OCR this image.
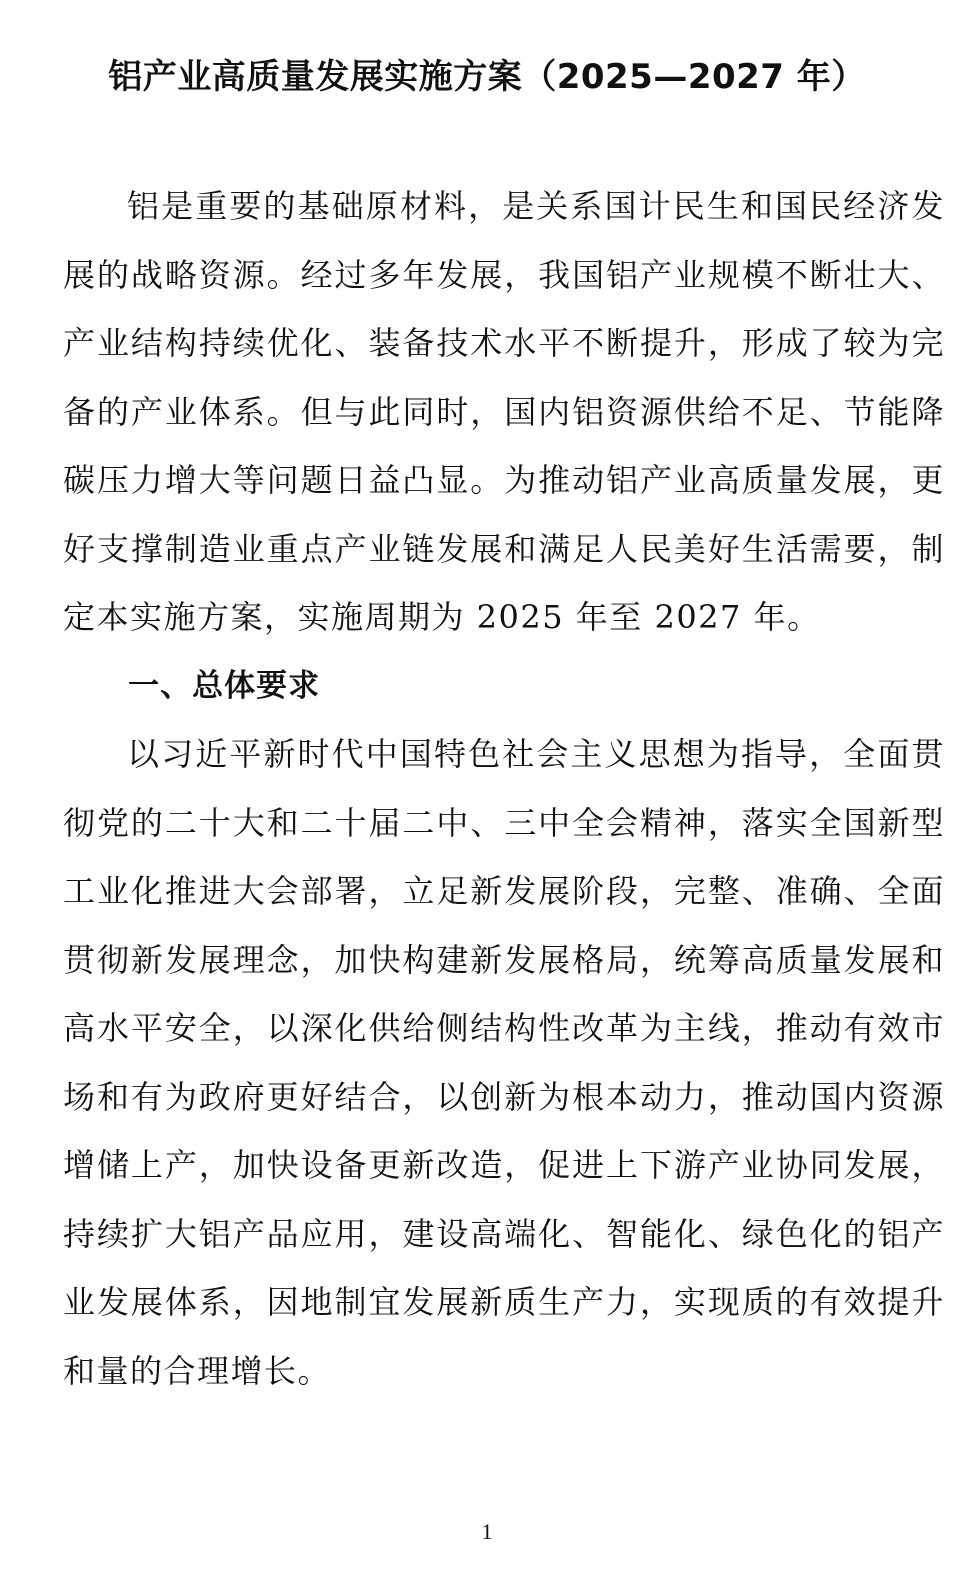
铝产业高质量发展实施方案（2025—2027 年）

铝是重要的基础原材料，是关系国计民生和国民经济发展的战略资源。经过多年发展，我国铝产业规模不断壮大、产业结构持续优化、装备技术水平不断提升，形成了较为完备的产业体系。但与此同时，国内铝资源供给不足、节能降碳压力增大等问题日益凸显。为推动铝产业高质量发展，更好支撑制造业重点产业链发展和满足人民美好生活需要，制定本实施方案，实施周期为 2025 年至 2027 年。

一、总体要求

以习近平新时代中国特色社会主义思想为指导，全面贯彻党的二十大和二十届二中、三中全会精神，落实全国新型工业化推进大会部署，立足新发展阶段，完整、准确、全面贯彻新发展理念，加快构建新发展格局，统筹高质量发展和高水平安全，以深化供给侧结构性改革为主线，推动有效市场和有为政府更好结合，以创新为根本动力，推动国内资源增储上产，加快设备更新改造，促进上下游产业协同发展，持续扩大铝产品应用，建设高端化、智能化、绿色化的铝产业发展体系，因地制宜发展新质生产力，实现质的有效提升和量的合理增长。

1
